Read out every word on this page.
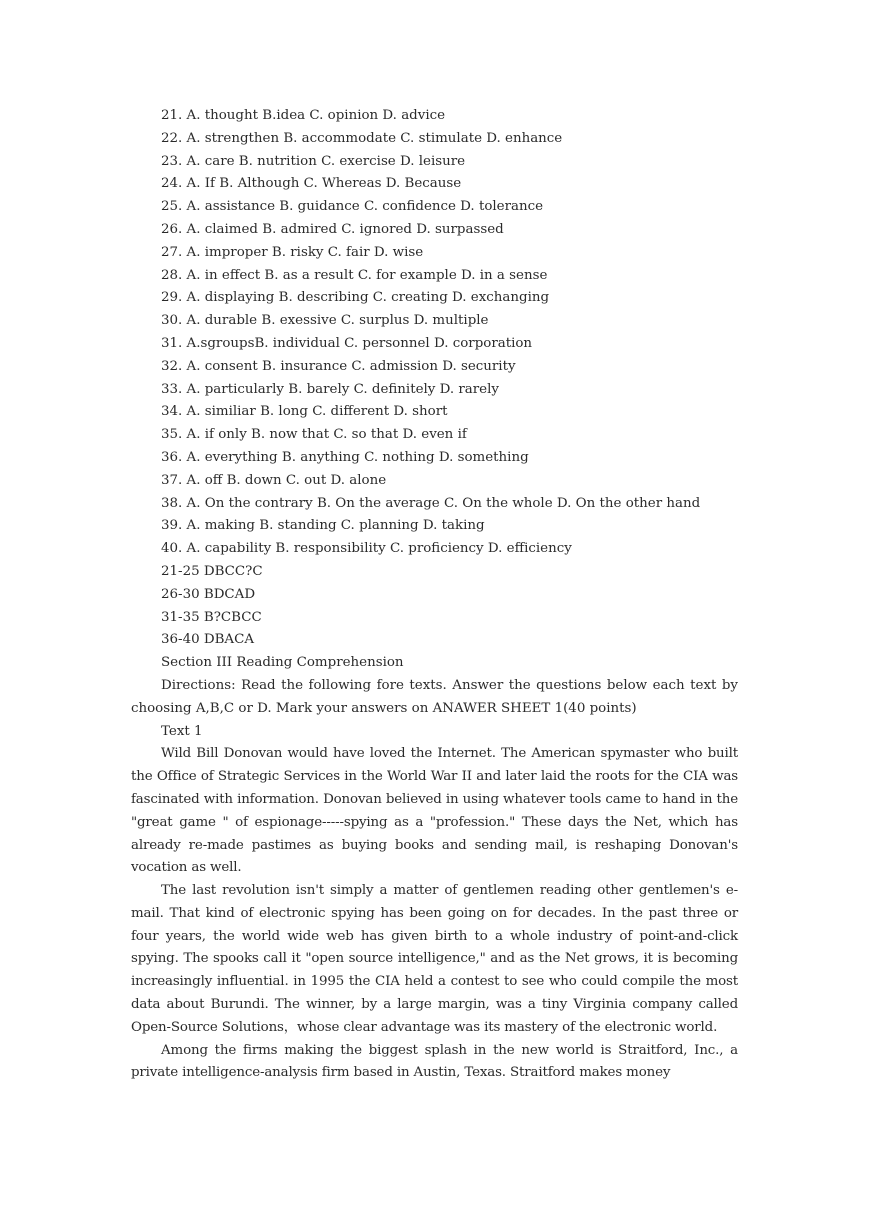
21. A. thought B.idea C. opinion D. advice

22. A. strengthen B. accommodate C. stimulate D. enhance

23. A. care B. nutrition C. exercise D. leisure

24. A. If B. Although C. Whereas D. Because

25. A. assistance B. guidance C. confidence D. tolerance

26. A. claimed B. admired C. ignored D. surpassed

27. A. improper B. risky C. fair D. wise

28. A. in effect B. as a result C. for example D. in a sense

29. A. displaying B. describing C. creating D. exchanging

30. A. durable B. exessive C. surplus D. multiple

31. A.sgroupsB. individual C. personnel D. corporation

32. A. consent B. insurance C. admission D. security

33. A. particularly B. barely C. definitely D. rarely

34. A. similiar B. long C. different D. short

35. A. if only B. now that C. so that D. even if

36. A. everything B. anything C. nothing D. something

37. A. off B. down C. out D. alone

38. A. On the contrary B. On the average C. On the whole D. On the other hand

39. A. making B. standing C. planning D. taking

40. A. capability B. responsibility C. proficiency D. efficiency

21-25 DBCC?C

26-30 BDCAD

31-35 B?CBCC

36-40 DBACA

Section III Reading Comprehension

Directions: Read the following fore texts. Answer the questions below each text by choosing A,B,C or D. Mark your answers on ANAWER SHEET 1(40 points)

Text 1

Wild Bill Donovan would have loved the Internet. The American spymaster who built the Office of Strategic Services in the World War II and later laid the roots for the CIA was fascinated with information. Donovan believed in using whatever tools came to hand in the "great game " of espionage-----spying as a "profession." These days the Net, which has already re-made pastimes as buying books and sending mail, is reshaping Donovan's vocation as well.

The last revolution isn't simply a matter of gentlemen reading other gentlemen's e-mail. That kind of electronic spying has been going on for decades. In the past three or four years, the world wide web has given birth to a whole industry of point-and-click spying. The spooks call it "open source intelligence," and as the Net grows, it is becoming increasingly influential. in 1995 the CIA held a contest to see who could compile the most data about Burundi. The winner, by a large margin, was a tiny Virginia company called Open-Source Solutions，whose clear advantage was its mastery of the electronic world.

Among the firms making the biggest splash in the new world is Straitford, Inc., a private intelligence-analysis firm based in Austin, Texas. Straitford makes money
